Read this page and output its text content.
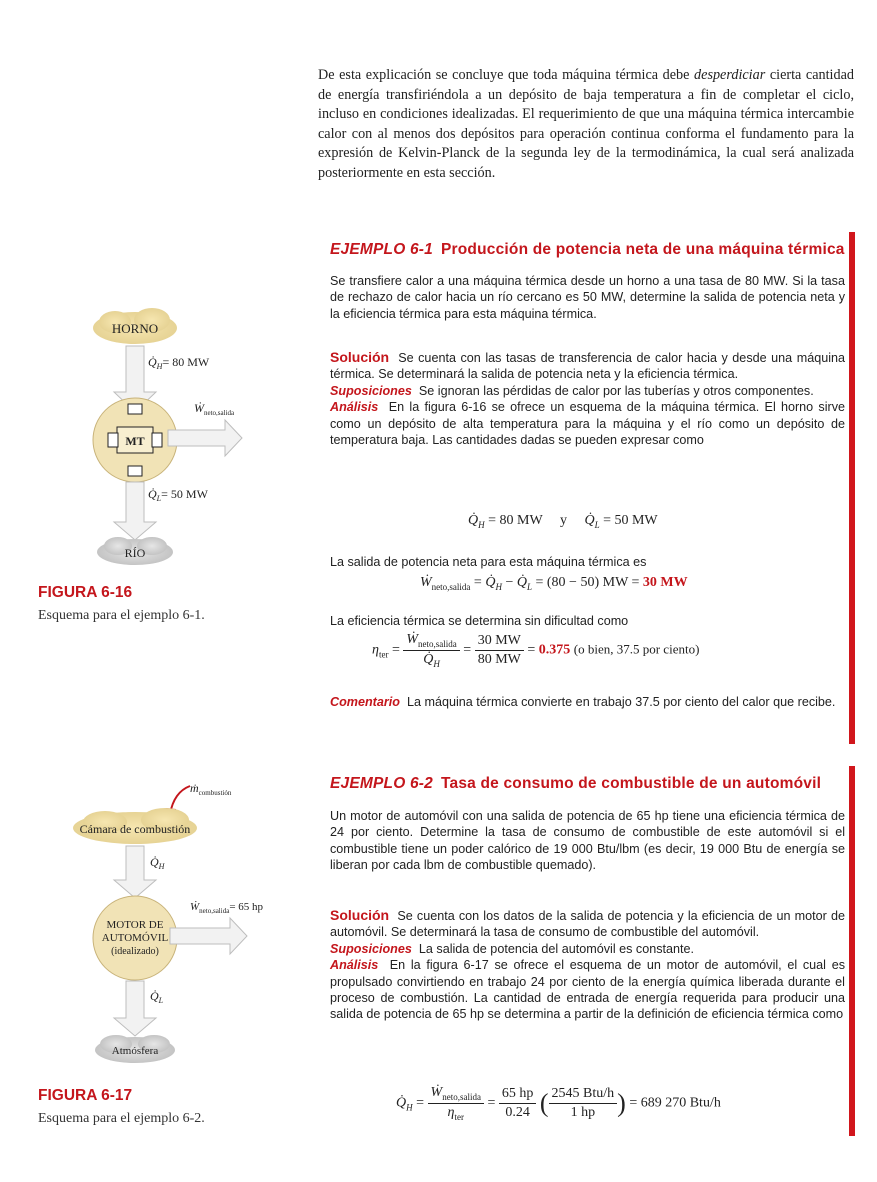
De esta explicación se concluye que toda máquina térmica debe desperdiciar cierta cantidad de energía transfiriéndola a un depósito de baja temperatura a fin de completar el ciclo, incluso en condiciones idealizadas. El requerimiento de que una máquina térmica intercambie calor con al menos dos depósitos para operación continua conforma el fundamento para la expresión de Kelvin-Planck de la segunda ley de la termodinámica, la cual será analizada posteriormente en esta sección.

HORNO
$Q̇_H= 80$ MW
MT
Ẇ$_{neto,salida}$
$Q̇_L= 50$ MW
RÍO
FIGURA 6-16
Esquema para el ejemplo 6-1.
EJEMPLO 6-1 Producción de potencia neta de una máquina térmica

Se transfiere calor a una máquina térmica desde un horno a una tasa de 80 MW. Si la tasa de rechazo de calor hacia un río cercano es 50 MW, determine la salida de potencia neta y la eficiencia térmica para esta máquina térmica.

Solución Se cuenta con las tasas de transferencia de calor hacia y desde una máquina térmica. Se determinará la salida de potencia neta y la eficiencia térmica.

Suposiciones Se ignoran las pérdidas de calor por las tuberías y otros componentes.

Análisis En la figura 6-16 se ofrece un esquema de la máquina térmica. El horno sirve como un depósito de alta temperatura para la máquina y el río como un depósito de temperatura baja. Las cantidades dadas se pueden expresar como

$Q̇_H = 80$ MW y $Q̇_L = 50$ MW

La salida de potencia neta para esta máquina térmica es

Ẇ$_{neto,salida}$ = $Q̇_H$ − $Q̇_L = (80 - 50)$ MW = 30 MW

La eficiencia térmica se determina sin dificultad como

$\eta_{ter} = \frac{Ẇ_{neto,salida}}{Q̇_H} = \frac{30 MW}{80 MW} = 0.375$ (o bien, 37.5 por ciento)

Comentario La máquina térmica convierte en trabajo 37.5 por ciento del calor que recibe.

ṁ$_{combustión}$
Cámara de combustión
$Q̇_H$
MOTOR DE
AUTOMÓVIL
(idealizado)
Ẇ$_{neto,salida}$= 65 hp
$Q̇_L$
Atmósfera
FIGURA 6-17
Esquema para el ejemplo 6-2.
EJEMPLO 6-2 Tasa de consumo de combustible de un automóvil

Un motor de automóvil con una salida de potencia de 65 hp tiene una eficiencia térmica de 24 por ciento. Determine la tasa de consumo de combustible de este automóvil si el combustible tiene un poder calórico de 19 000 Btu/lbm (es decir, 19 000 Btu de energía se liberan por cada lbm de combustible quemado).

Solución Se cuenta con los datos de la salida de potencia y la eficiencia de un motor de automóvil. Se determinará la tasa de consumo de combustible del automóvil.

Suposiciones La salida de potencia del automóvil es constante.

Análisis En la figura 6-17 se ofrece el esquema de un motor de automóvil, el cual es propulsado convirtiendo en trabajo 24 por ciento de la energía química liberada durante el proceso de combustión. La cantidad de entrada de energía requerida para producir una salida de potencia de 65 hp se determina a partir de la definición de eficiencia térmica como

$Q̇_H = \frac{Ẇ_{neto,salida}}{\eta_{ter}} = \frac{65 hp}{0.24}$ ( $\frac{\text{2545 Btu/h}}{1 hp}$ ) = 689 270 Btu/h
